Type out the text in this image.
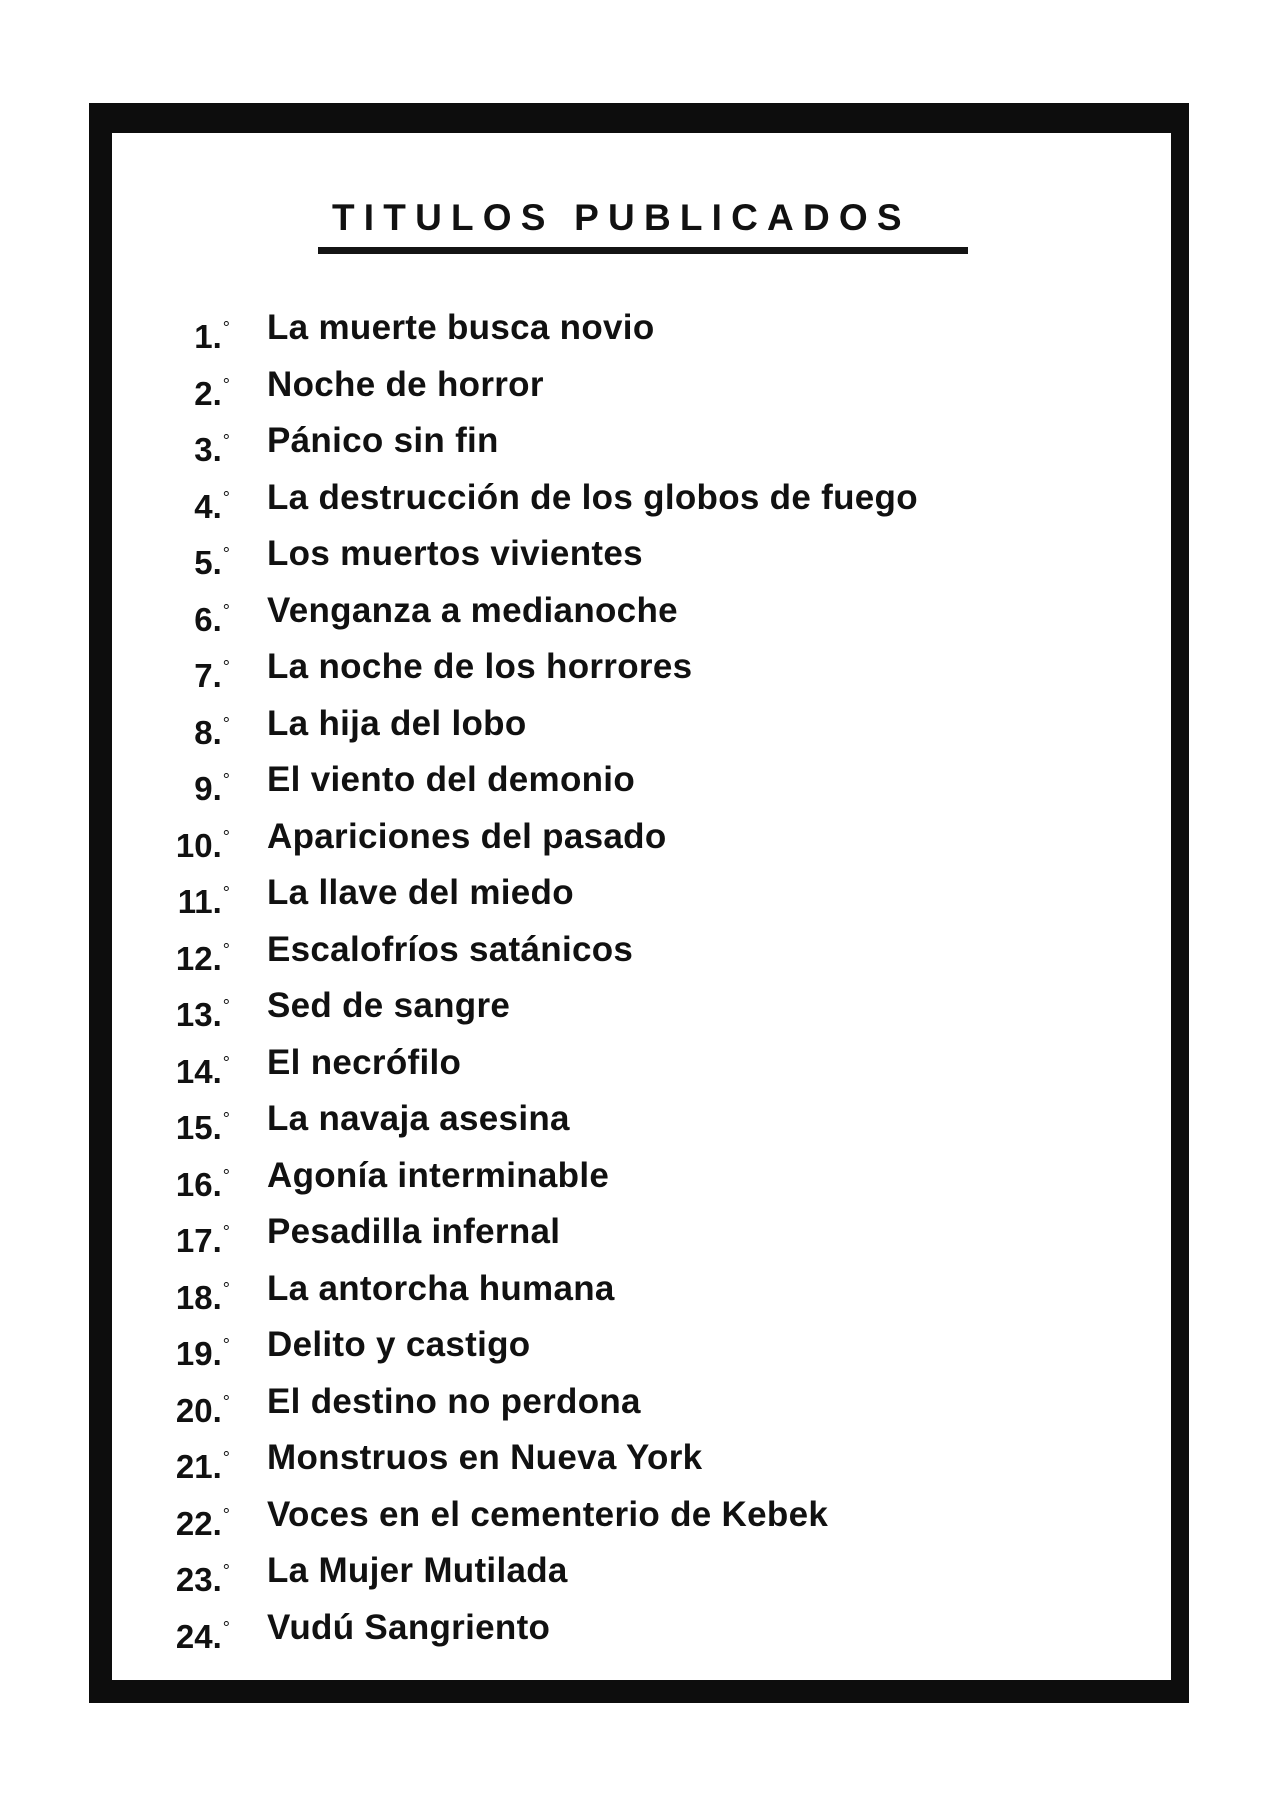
TITULOS PUBLICADOS
1.° La muerte busca novio
2.° Noche de horror
3.° Pánico sin fin
4.° La destrucción de los globos de fuego
5.° Los muertos vivientes
6.° Venganza a medianoche
7.° La noche de los horrores
8.° La hija del lobo
9.° El viento del demonio
10.° Apariciones del pasado
11.° La llave del miedo
12.° Escalofríos satánicos
13.° Sed de sangre
14.° El necrófilo
15.° La navaja asesina
16.° Agonía interminable
17.° Pesadilla infernal
18.° La antorcha humana
19.° Delito y castigo
20.° El destino no perdona
21.° Monstruos en Nueva York
22.° Voces en el cementerio de Kebek
23.° La Mujer Mutilada
24.° Vudú Sangriento
